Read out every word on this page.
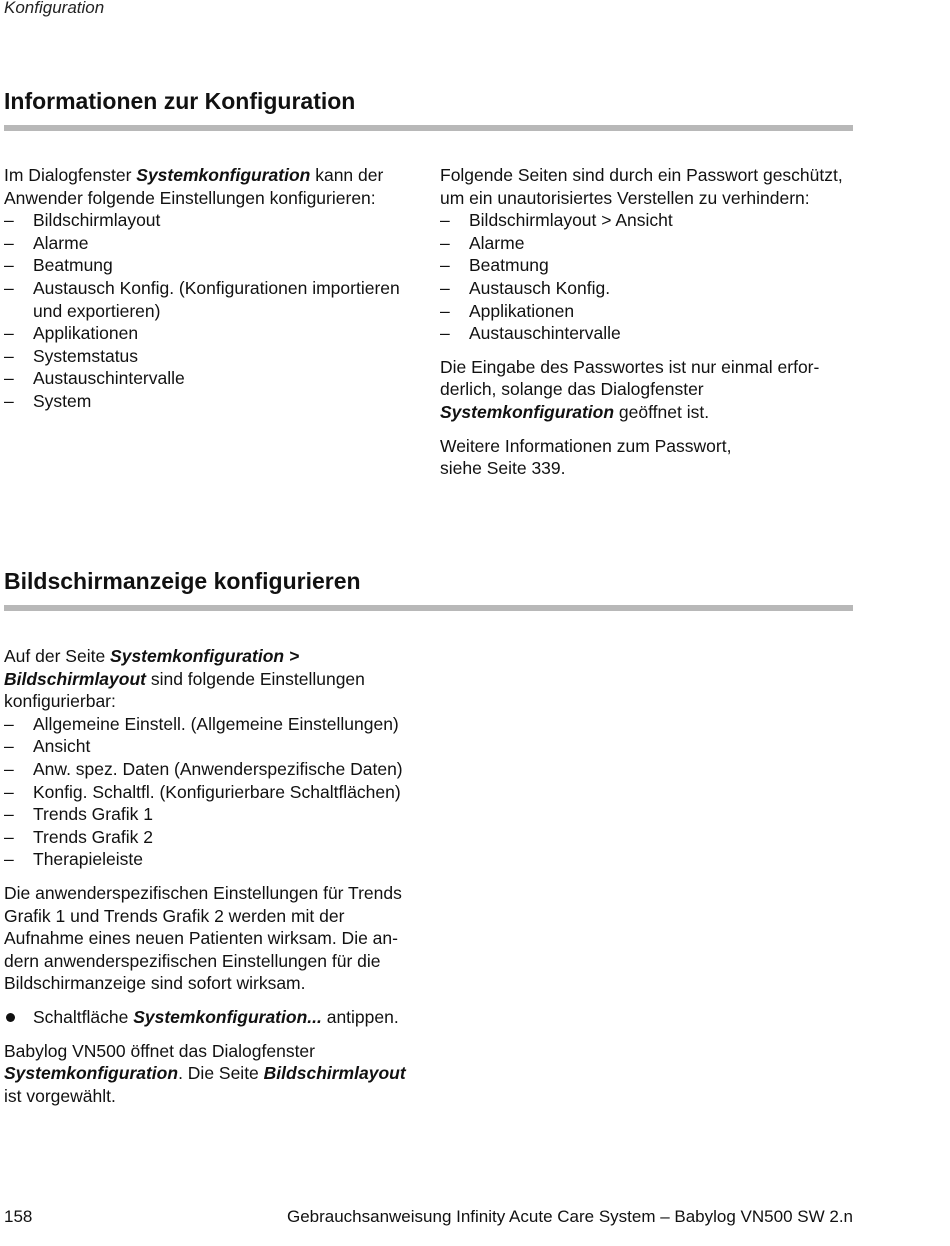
Konfiguration
Informationen zur Konfiguration

Im Dialogfenster Systemkonfiguration kann der Anwender folgende Einstellungen konfigurieren:

– Bildschirmlayout
– Alarme
– Beatmung
– Austausch Konfig. (Konfigurationen importieren und exportieren)
– Applikationen
– Systemstatus
– Austauschintervalle
– System

Folgende Seiten sind durch ein Passwort geschützt, um ein unautorisiertes Verstellen zu verhindern:

– Bildschirmlayout > Ansicht
– Alarme
– Beatmung
– Austausch Konfig.
– Applikationen
– Austauschintervalle

Die Eingabe des Passwortes ist nur einmal erforderlich, solange das Dialogfenster Systemkonfiguration geöffnet ist.

Weitere Informationen zum Passwort, siehe Seite 339.

Bildschirmanzeige konfigurieren

Auf der Seite Systemkonfiguration > Bildschirmlayout sind folgende Einstellungen konfigurierbar:

– Allgemeine Einstell. (Allgemeine Einstellungen)
– Ansicht
– Anw. spez. Daten (Anwenderspezifische Daten)
– Konfig. Schaltfl. (Konfigurierbare Schaltflächen)
– Trends Grafik 1
– Trends Grafik 2
– Therapieleiste

Die anwenderspezifischen Einstellungen für Trends Grafik 1 und Trends Grafik 2 werden mit der Aufnahme eines neuen Patienten wirksam. Die andern anwenderspezifischen Einstellungen für die Bildschirmanzeige sind sofort wirksam.

Schaltfläche Systemkonfiguration... antippen.

Babylog VN500 öffnet das Dialogfenster Systemkonfiguration. Die Seite Bildschirmlayout ist vorgewählt.

158	Gebrauchsanweisung Infinity Acute Care System – Babylog VN500 SW 2.n
